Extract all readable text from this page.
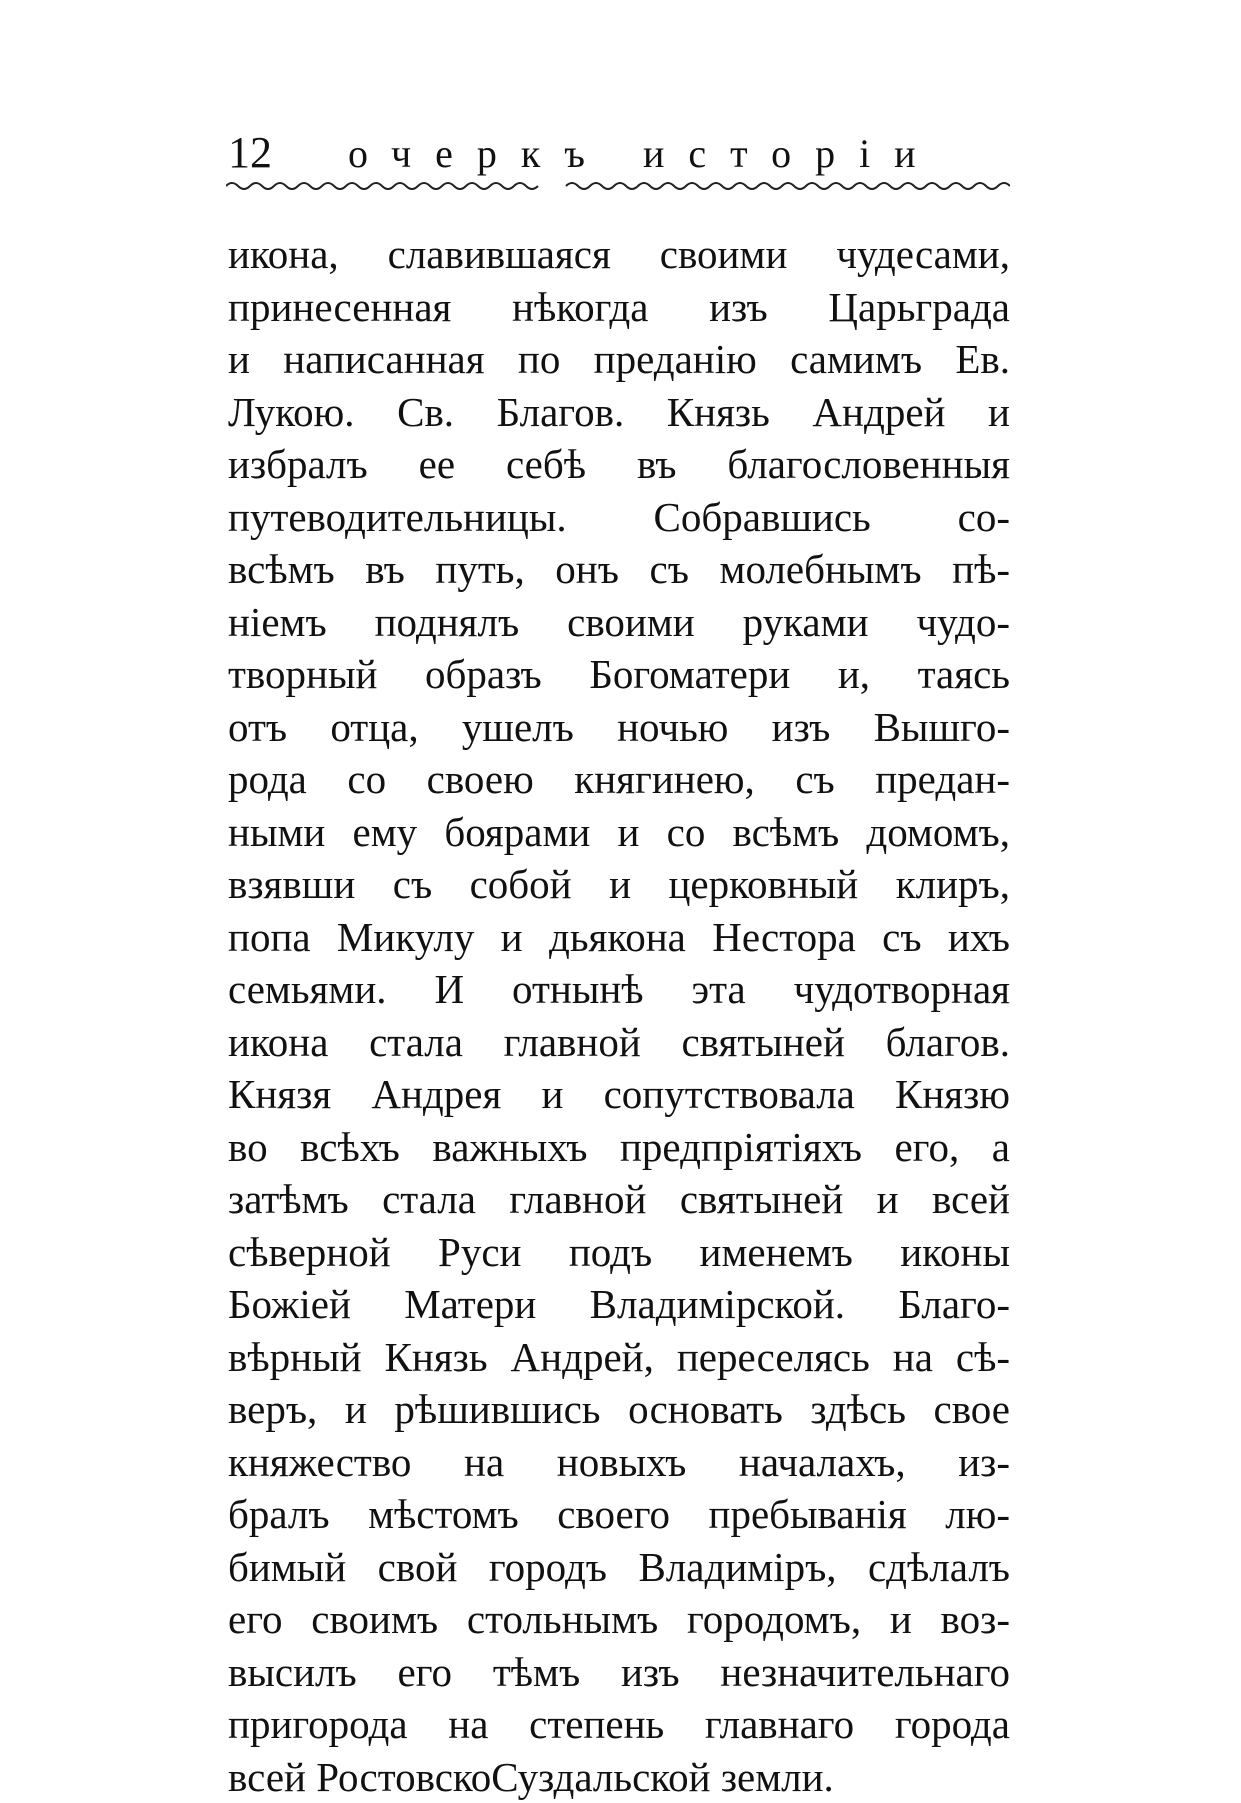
12 очеркъ исторіи
икона, славившаяся своими чудесами,
принесенная нѣкогда изъ Царьграда
и написанная по преданію самимъ Ев.
Лукою. Св. Благов. Князь Андрей и
избралъ ее себѣ въ благословенныя
путеводительницы. Собравшись со-
всѣмъ въ путь, онъ съ молебнымъ пѣ-
ніемъ поднялъ своими руками чудо-
творный образъ Богоматери и, таясь
отъ отца, ушелъ ночью изъ Вышго-
рода со своею княгинею, съ предан-
ными ему боярами и со всѣмъ домомъ,
взявши съ собой и церковный клиръ,
попа Микулу и дьякона Нестора съ ихъ
семьями. И отнынѣ эта чудотворная
икона стала главной святыней благов.
Князя Андрея и сопутствовала Князю
во всѣхъ важныхъ предпріятіяхъ его, а
затѣмъ стала главной святыней и всей
сѣверной Руси подъ именемъ иконы
Божіей Матери Владимірской. Благо-
вѣрный Князь Андрей, переселясь на сѣ-
веръ, и рѣшившись основать здѣсь свое
княжество на новыхъ началахъ, из-
бралъ мѣстомъ своего пребыванія лю-
бимый свой городъ Владиміръ, сдѣлалъ
его своимъ стольнымъ городомъ, и воз-
высилъ его тѣмъ изъ незначительнаго
пригорода на степень главнаго города
всей РостовскоСуздальской земли.
